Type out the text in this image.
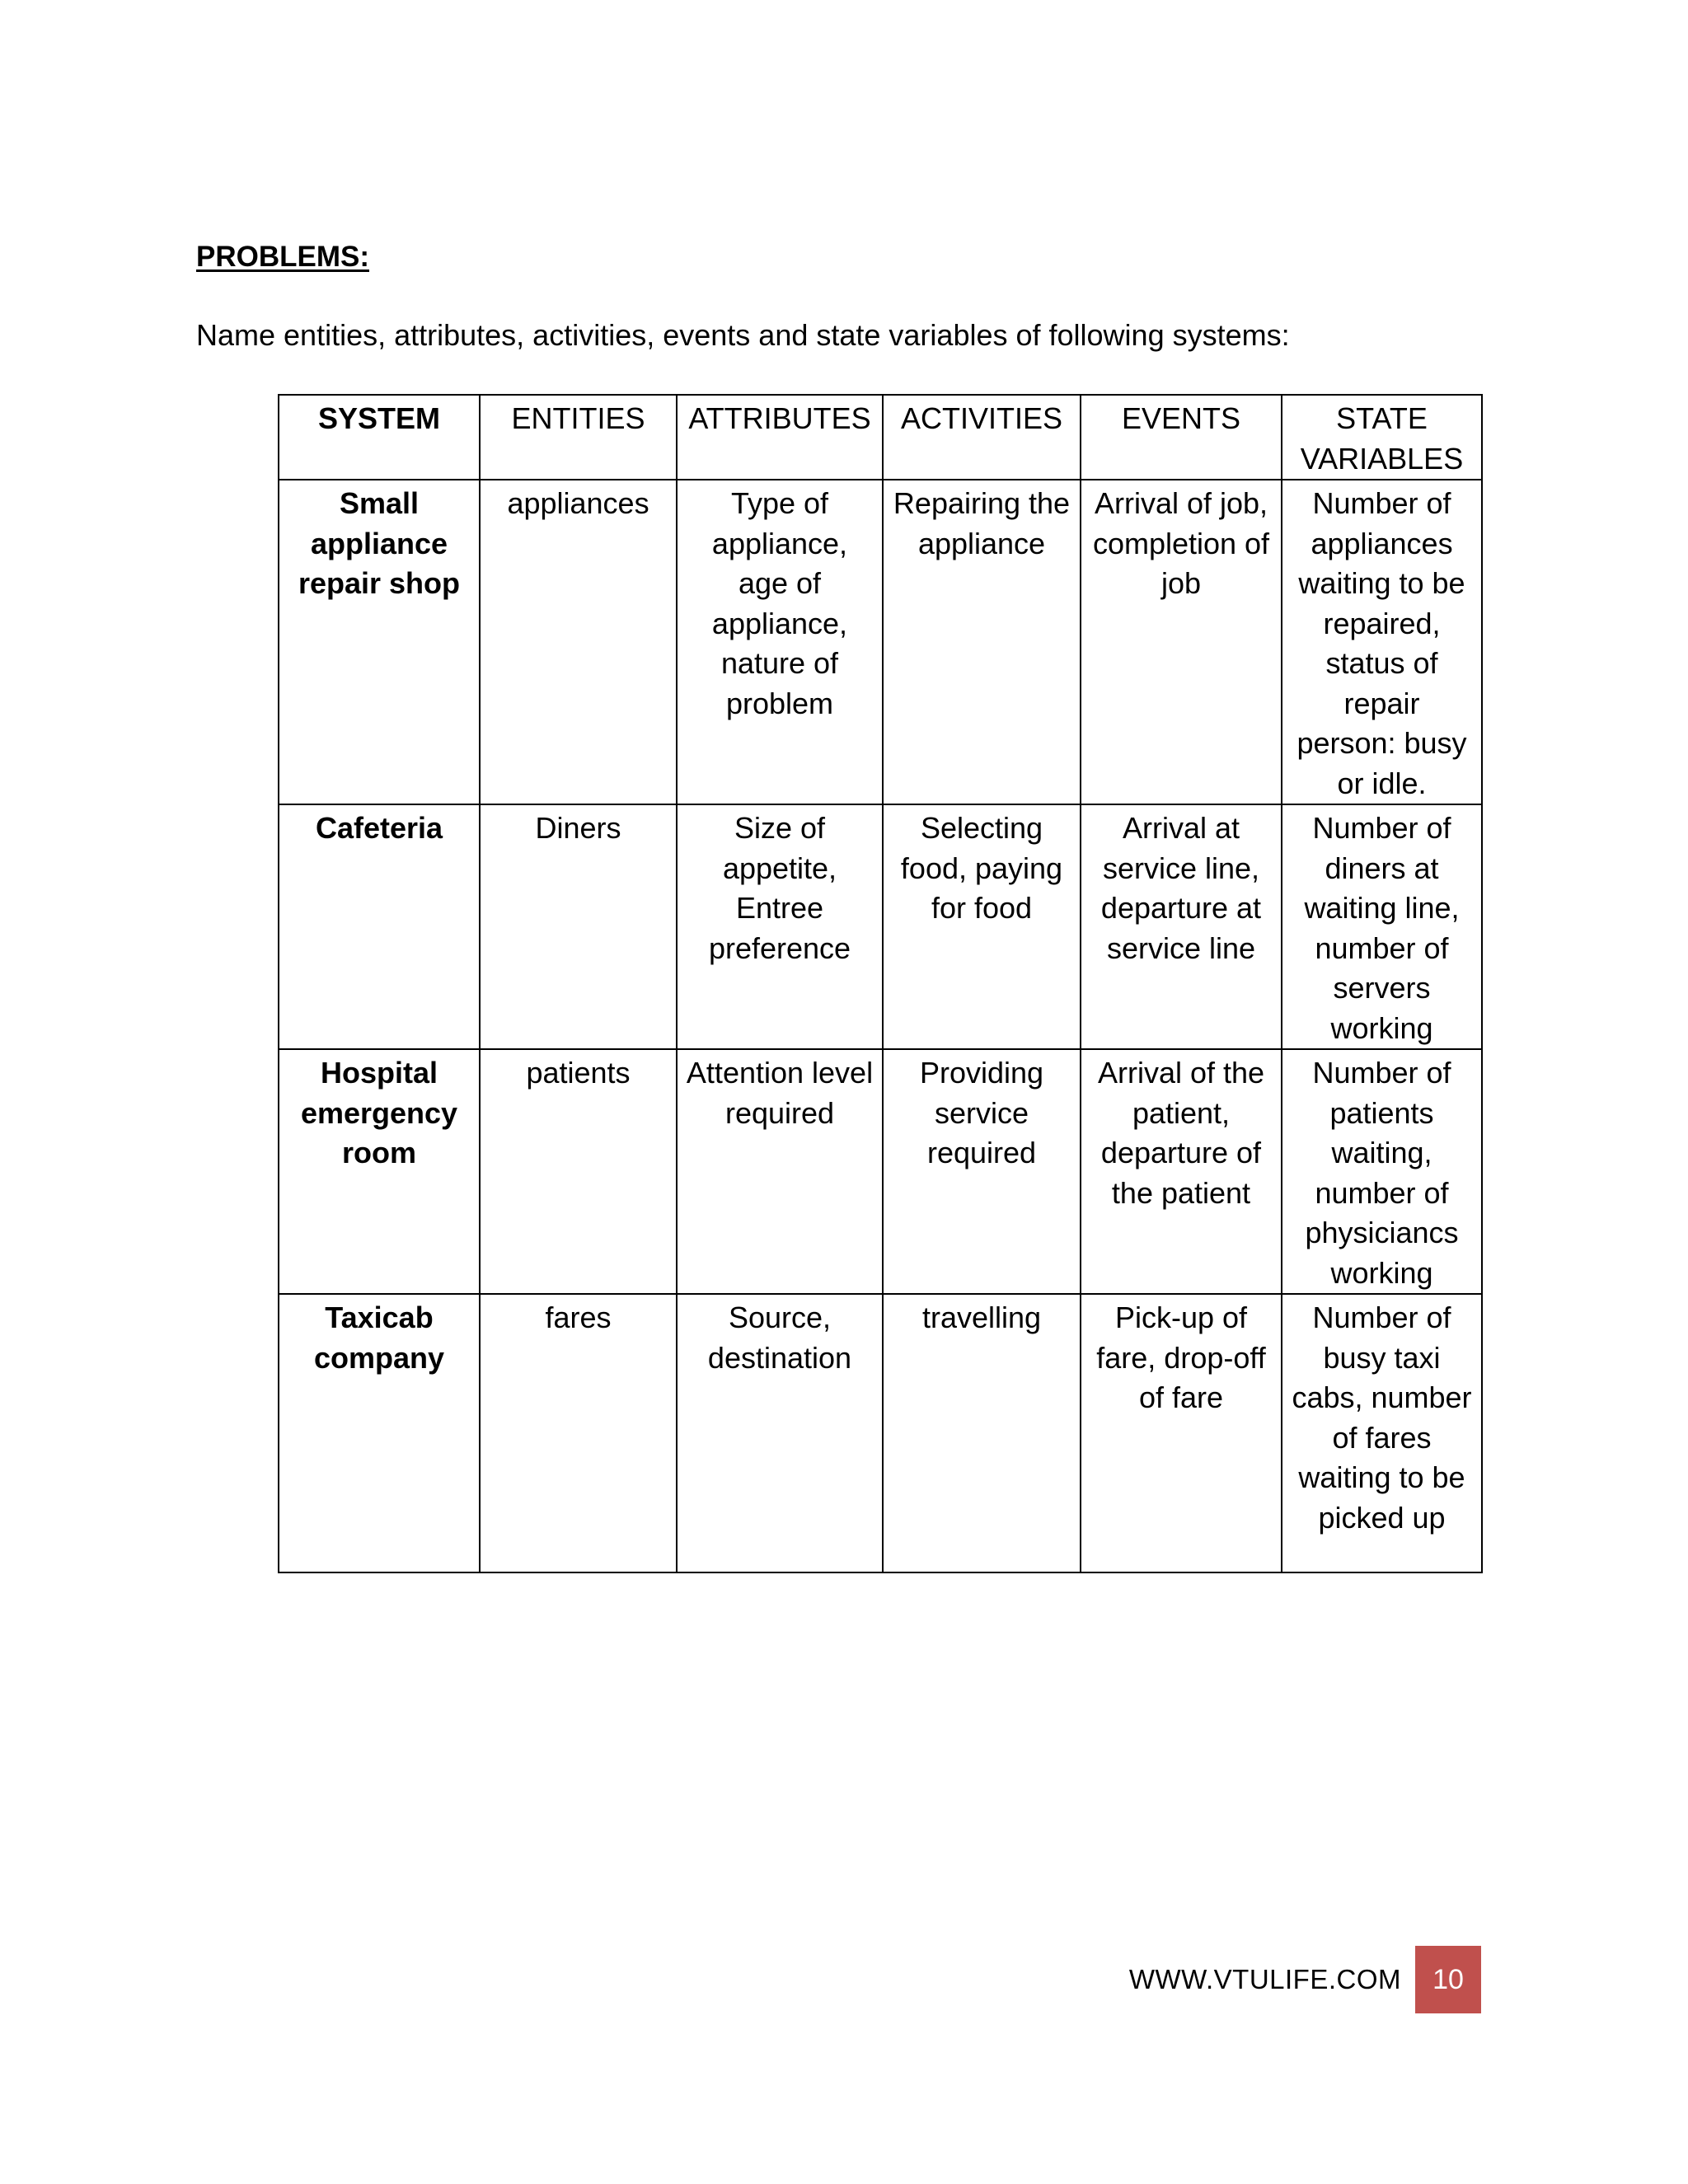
PROBLEMS:
Name entities, attributes, activities, events and state variables of following systems:
SYSTEM	ENTITIES	ATTRIBUTES	ACTIVITIES	EVENTS	STATE VARIABLES
Small appliance repair shop	appliances	Type of appliance, age of appliance, nature of problem	Repairing the appliance	Arrival of job, completion of job	Number of appliances waiting to be repaired, status of repair person: busy or idle.
Cafeteria	Diners	Size of appetite, Entree preference	Selecting food, paying for food	Arrival at service line, departure at service line	Number of diners at waiting line, number of servers working
Hospital emergency room	patients	Attention level required	Providing service required	Arrival of the patient, departure of the patient	Number of patients waiting, number of physiciancs working
Taxicab company	fares	Source, destination	travelling	Pick-up of fare, drop-off of fare	Number of busy taxi cabs, number of fares waiting to be picked up
WWW.VTULIFE.COM	10
